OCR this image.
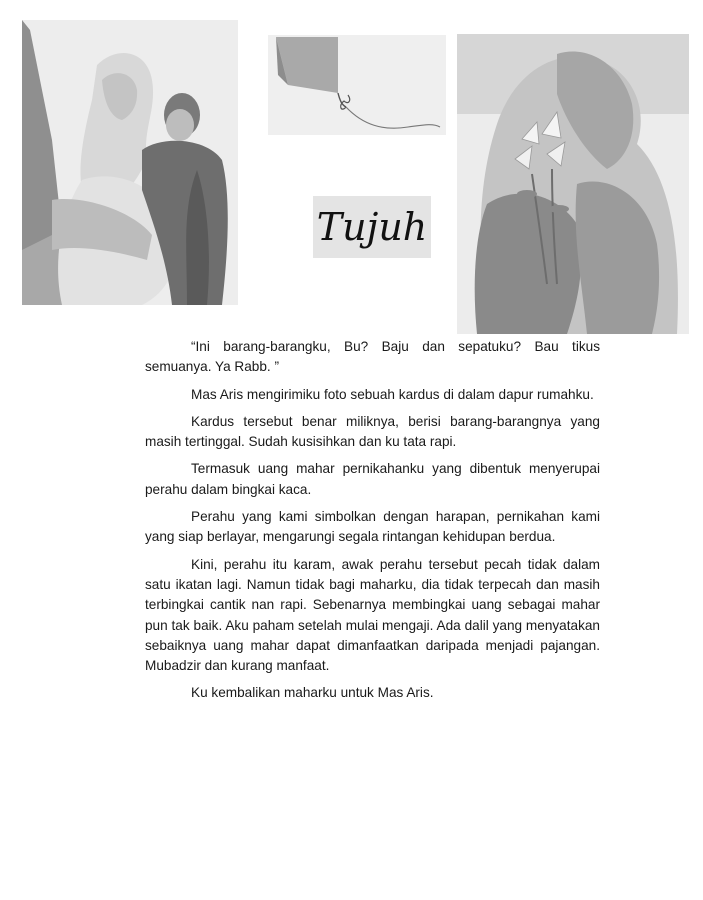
Tujuh

“Ini barang-barangku, Bu? Baju dan sepatuku? Bau tikus semuanya. Ya Rabb. ”

Mas Aris mengirimiku foto sebuah kardus di dalam dapur rumahku.

Kardus tersebut benar miliknya, berisi barang-barangnya yang masih tertinggal. Sudah kusisihkan dan ku tata rapi.

Termasuk uang mahar pernikahanku yang dibentuk menyerupai perahu dalam bingkai kaca.

Perahu yang kami simbolkan dengan harapan, pernikahan kami yang siap berlayar, mengarungi segala rintangan kehidupan berdua.

Kini, perahu itu karam, awak perahu tersebut pecah tidak dalam satu ikatan lagi. Namun tidak bagi maharku, dia tidak terpecah dan masih terbingkai cantik nan rapi. Sebenarnya membingkai uang sebagai mahar pun tak baik. Aku paham setelah mulai mengaji. Ada dalil yang menyatakan sebaiknya uang mahar dapat dimanfaatkan daripada menjadi pajangan. Mubadzir dan kurang manfaat.

Ku kembalikan maharku untuk Mas Aris.
